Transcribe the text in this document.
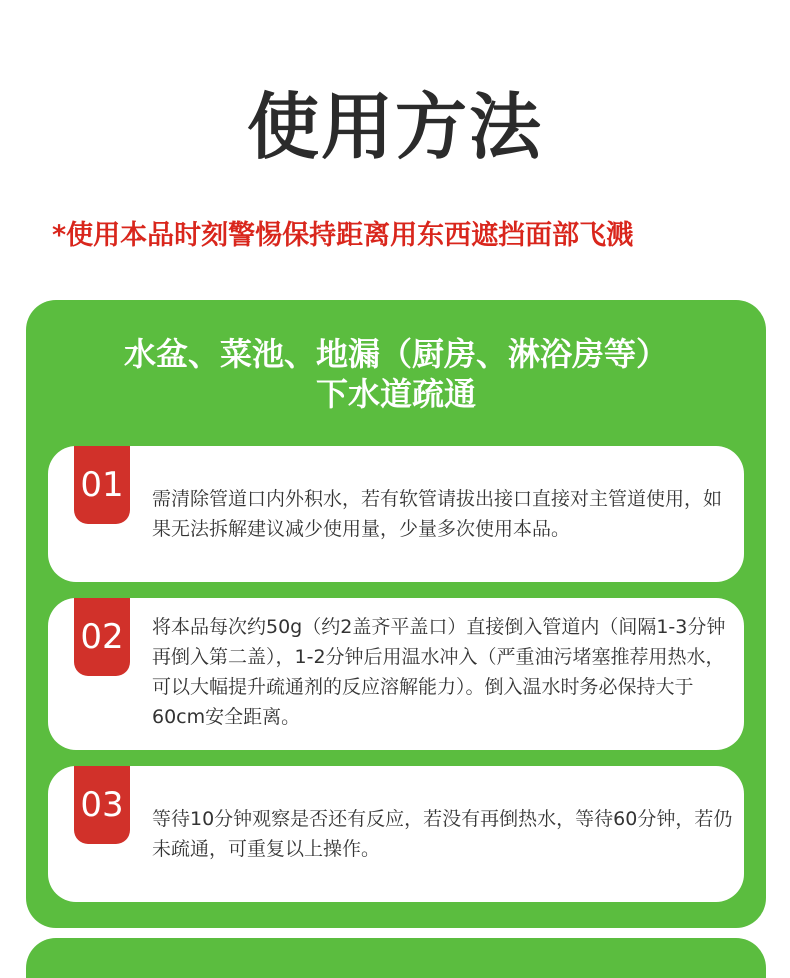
使用方法
*使用本品时刻警惕保持距离用东西遮挡面部飞溅
水盆、菜池、地漏（厨房、淋浴房等）
下水道疏通
01	需清除管道口内外积水，若有软管请拔出接口直接对主管道使用，如果无法拆解建议减少使用量，少量多次使用本品。
02	将本品每次约50g（约2盖齐平盖口）直接倒入管道内（间隔1-3分钟再倒入第二盖），1-2分钟后用温水冲入（严重油污堵塞推荐用热水，可以大幅提升疏通剂的反应溶解能力）。倒入温水时务必保持大于60cm安全距离。
03	等待10分钟观察是否还有反应，若没有再倒热水，等待60分钟，若仍未疏通，可重复以上操作。
